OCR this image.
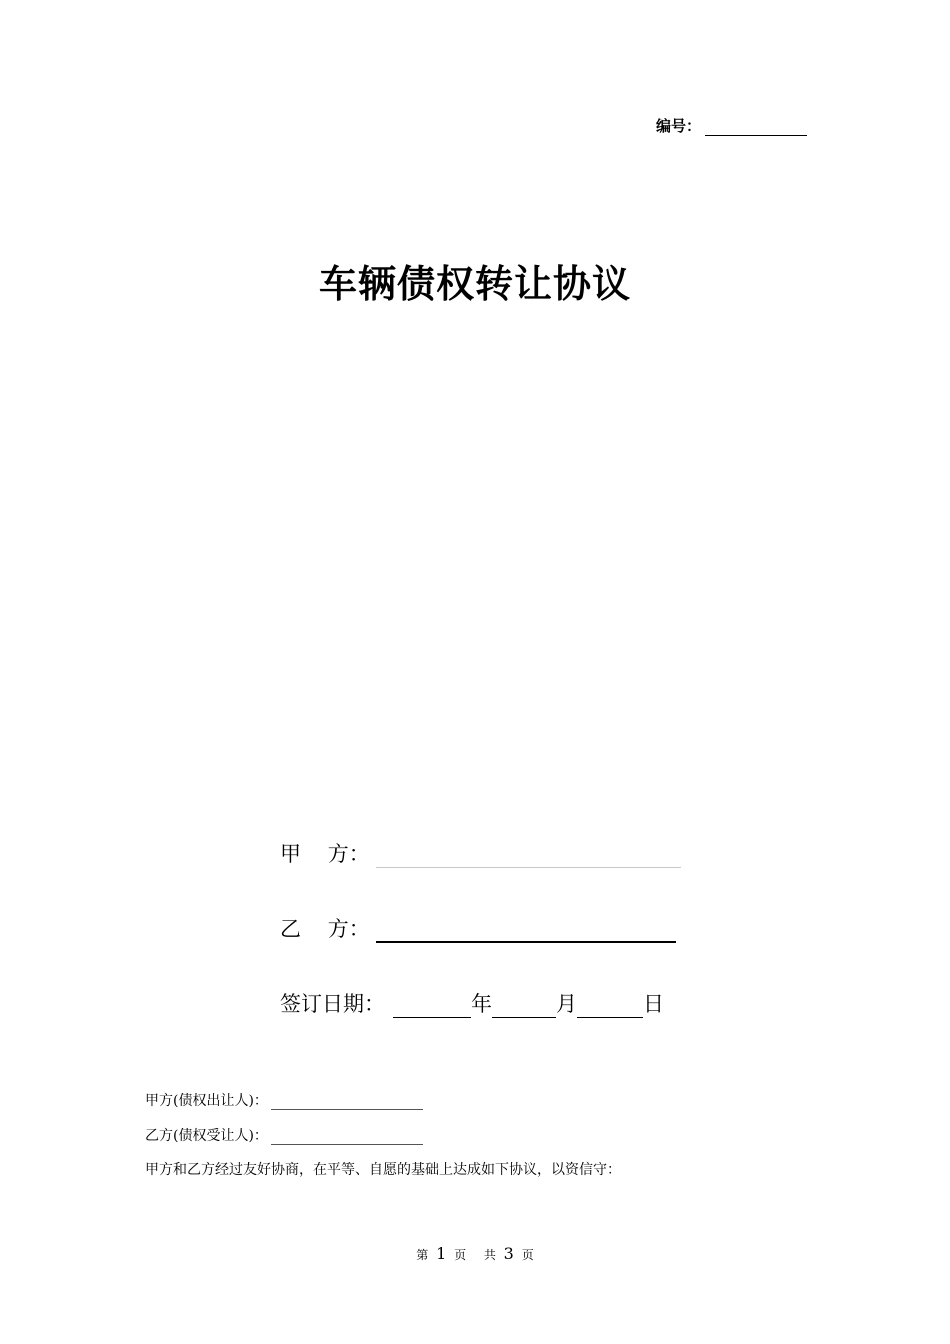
编号：
车辆债权转让协议
甲    方：
乙    方：
签订日期：	年	月	日
甲方(债权出让人)：
乙方(债权受让人)：
甲方和乙方经过友好协商，在平等、自愿的基础上达成如下协议，以资信守：
第 1 页 共 3 页
